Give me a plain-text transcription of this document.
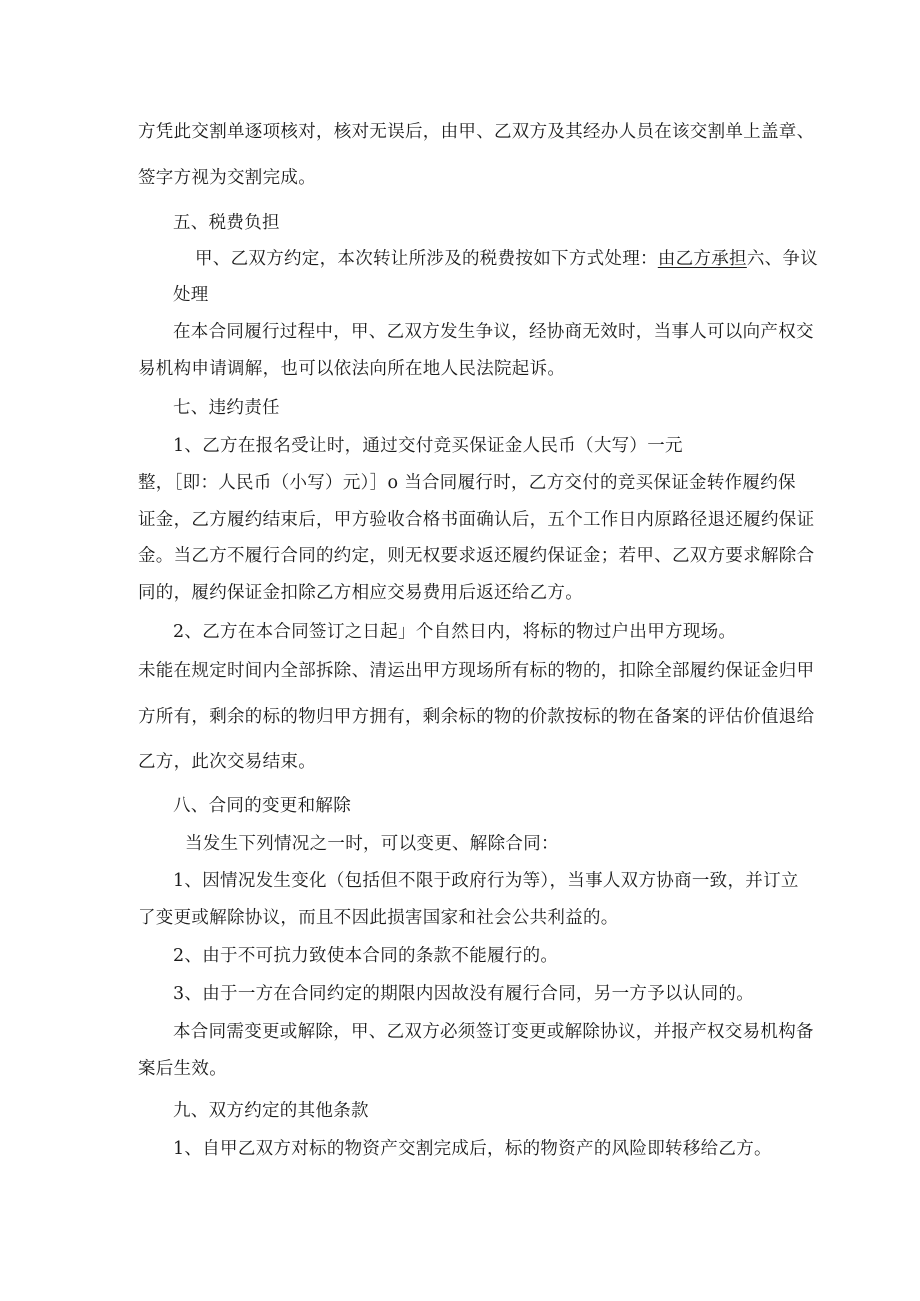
方凭此交割单逐项核对，核对无误后，由甲、乙双方及其经办人员在该交割单上盖章、
签字方视为交割完成。
五、税费负担
甲、乙双方约定，本次转让所涉及的税费按如下方式处理：由乙方承担六、争议
处理
在本合同履行过程中，甲、乙双方发生争议，经协商无效时，当事人可以向产权交
易机构申请调解，也可以依法向所在地人民法院起诉。
七、违约责任
1、乙方在报名受让时，通过交付竞买保证金人民币（大写）一元
整，［即：人民币（小写）元）］o 当合同履行时，乙方交付的竞买保证金转作履约保
证金，乙方履约结束后，甲方验收合格书面确认后，五个工作日内原路径退还履约保证
金。当乙方不履行合同的约定，则无权要求返还履约保证金；若甲、乙双方要求解除合
同的，履约保证金扣除乙方相应交易费用后返还给乙方。
2、乙方在本合同签订之日起」个自然日内，将标的物过户出甲方现场。
未能在规定时间内全部拆除、清运出甲方现场所有标的物的，扣除全部履约保证金归甲
方所有，剩余的标的物归甲方拥有，剩余标的物的价款按标的物在备案的评估价值退给
乙方，此次交易结束。
八、合同的变更和解除
当发生下列情况之一时，可以变更、解除合同：
1、因情况发生变化（包括但不限于政府行为等），当事人双方协商一致，并订立
了变更或解除协议，而且不因此损害国家和社会公共利益的。
2、由于不可抗力致使本合同的条款不能履行的。
3、由于一方在合同约定的期限内因故没有履行合同，另一方予以认同的。
本合同需变更或解除，甲、乙双方必须签订变更或解除协议，并报产权交易机构备
案后生效。
九、双方约定的其他条款
1、自甲乙双方对标的物资产交割完成后，标的物资产的风险即转移给乙方。
